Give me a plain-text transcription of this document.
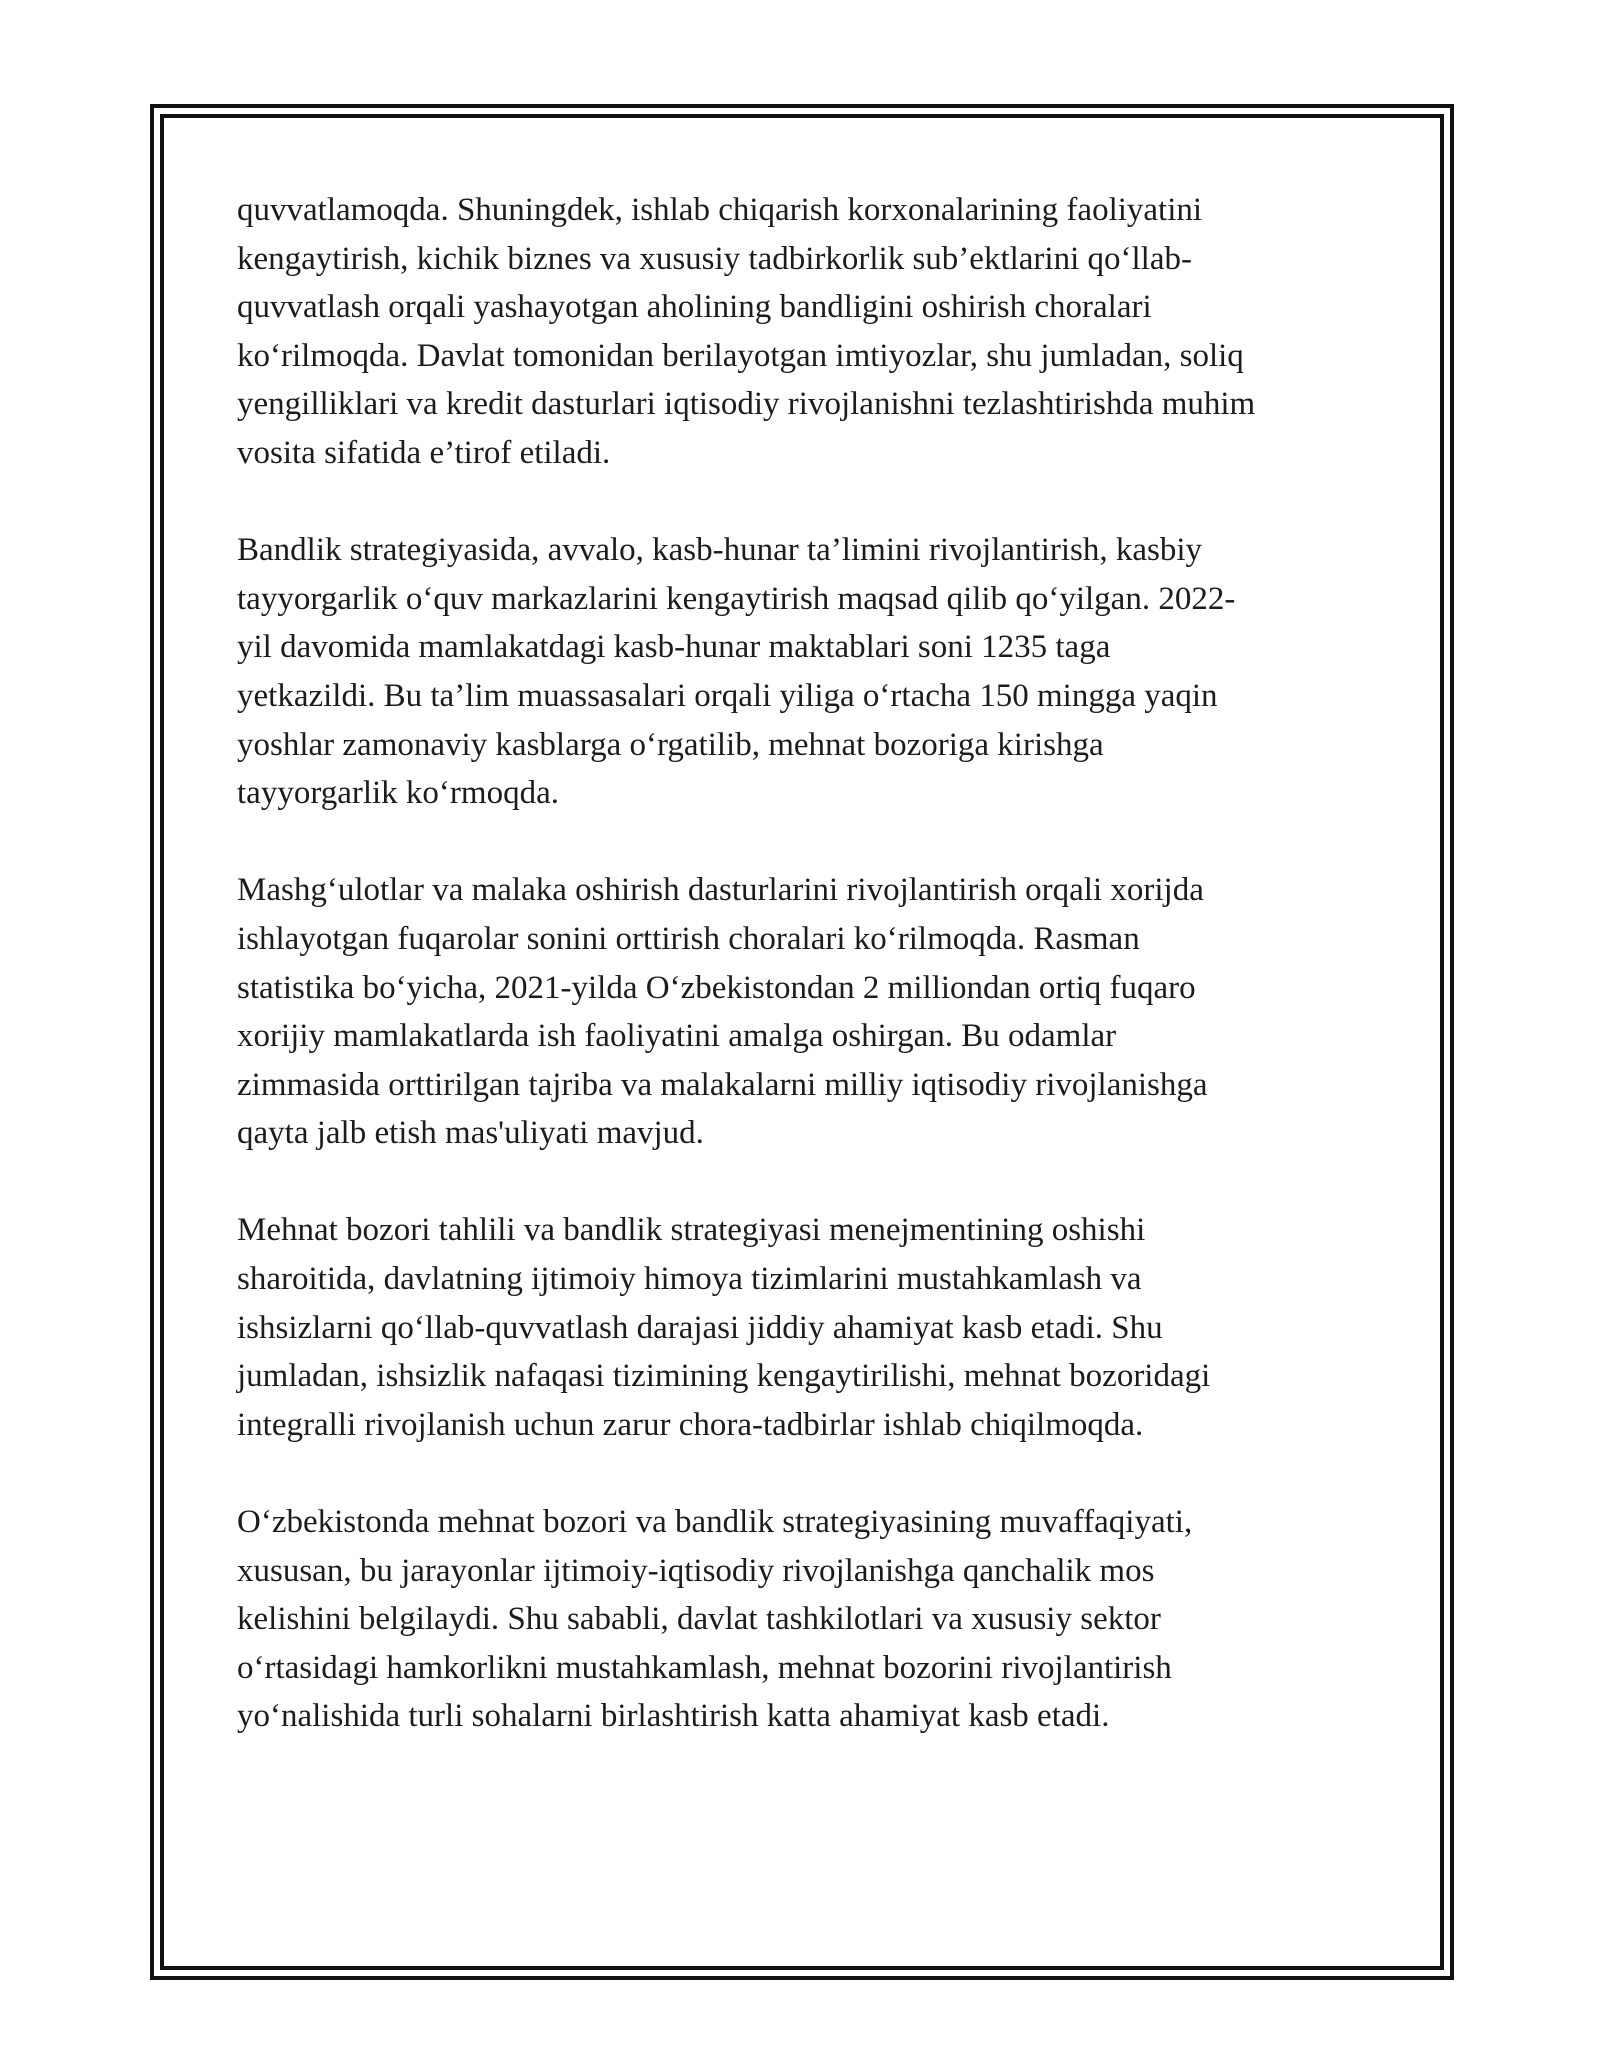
quvvatlamoqda. Shuningdek, ishlab chiqarish korxonalarining faoliyatini
kengaytirish, kichik biznes va xususiy tadbirkorlik sub’ektlarini qo‘llab-
quvvatlash orqali yashayotgan aholining bandligini oshirish choralari
ko‘rilmoqda. Davlat tomonidan berilayotgan imtiyozlar, shu jumladan, soliq
yengilliklari va kredit dasturlari iqtisodiy rivojlanishni tezlashtirishda muhim
vosita sifatida e’tirof etiladi.

Bandlik strategiyasida, avvalo, kasb-hunar ta’limini rivojlantirish, kasbiy
tayyorgarlik o‘quv markazlarini kengaytirish maqsad qilib qo‘yilgan. 2022-
yil davomida mamlakatdagi kasb-hunar maktablari soni 1235 taga
yetkazildi. Bu ta’lim muassasalari orqali yiliga o‘rtacha 150 mingga yaqin
yoshlar zamonaviy kasblarga o‘rgatilib, mehnat bozoriga kirishga
tayyorgarlik ko‘rmoqda.

Mashg‘ulotlar va malaka oshirish dasturlarini rivojlantirish orqali xorijda
ishlayotgan fuqarolar sonini orttirish choralari ko‘rilmoqda. Rasman
statistika bo‘yicha, 2021-yilda O‘zbekistondan 2 milliondan ortiq fuqaro
xorijiy mamlakatlarda ish faoliyatini amalga oshirgan. Bu odamlar
zimmasida orttirilgan tajriba va malakalarni milliy iqtisodiy rivojlanishga
qayta jalb etish mas'uliyati mavjud.

Mehnat bozori tahlili va bandlik strategiyasi menejmentining oshishi
sharoitida, davlatning ijtimoiy himoya tizimlarini mustahkamlash va
ishsizlarni qo‘llab-quvvatlash darajasi jiddiy ahamiyat kasb etadi. Shu
jumladan, ishsizlik nafaqasi tizimining kengaytirilishi, mehnat bozoridagi
integralli rivojlanish uchun zarur chora-tadbirlar ishlab chiqilmoqda.

O‘zbekistonda mehnat bozori va bandlik strategiyasining muvaffaqiyati,
xususan, bu jarayonlar ijtimoiy-iqtisodiy rivojlanishga qanchalik mos
kelishini belgilaydi. Shu sababli, davlat tashkilotlari va xususiy sektor
o‘rtasidagi hamkorlikni mustahkamlash, mehnat bozorini rivojlantirish
yo‘nalishida turli sohalarni birlashtirish katta ahamiyat kasb etadi.
